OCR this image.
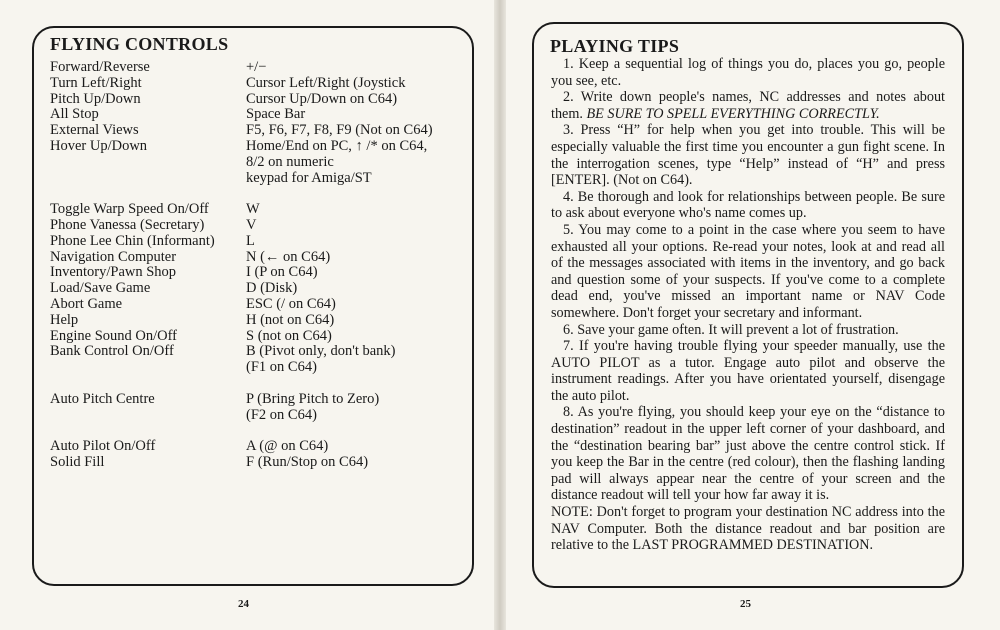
FLYING CONTROLS
Forward/Reverse	+/−
Turn Left/Right	Cursor Left/Right (Joystick
Pitch Up/Down	Cursor Up/Down on C64)
All Stop	Space Bar
External Views	F5, F6, F7, F8, F9 (Not on C64)
Hover Up/Down	Home/End on PC, ↑ /* on C64,
8/2 on numeric
keypad for Amiga/ST
Toggle Warp Speed On/Off	W
Phone Vanessa (Secretary)	V
Phone Lee Chin (Informant)	L
Navigation Computer	N (← on C64)
Inventory/Pawn Shop	I (P on C64)
Load/Save Game	D (Disk)
Abort Game	ESC (/ on C64)
Help	H (not on C64)
Engine Sound On/Off	S (not on C64)
Bank Control On/Off	B (Pivot only, don't bank)
(F1 on C64)
Auto Pitch Centre	P (Bring Pitch to Zero)
(F2 on C64)
Auto Pilot On/Off	A (@ on C64)
Solid Fill	F (Run/Stop on C64)
24
PLAYING TIPS

1. Keep a sequential log of things you do, places you go, people you see, etc.

2. Write down people's names, NC addresses and notes about them. BE SURE TO SPELL EVERYTHING CORRECTLY.

3. Press “H” for help when you get into trouble. This will be especially valuable the first time you encounter a gun fight scene. In the interrogation scenes, type “Help” instead of “H” and press [ENTER]. (Not on C64).

4. Be thorough and look for relationships between people. Be sure to ask about everyone who's name comes up.

5. You may come to a point in the case where you seem to have exhausted all your options. Re-read your notes, look at and read all of the messages associated with items in the inventory, and go back and question some of your suspects. If you've come to a complete dead end, you've missed an important name or NAV Code somewhere. Don't forget your secretary and informant.

6. Save your game often. It will prevent a lot of frustration.

7. If you're having trouble flying your speeder manually, use the AUTO PILOT as a tutor. Engage auto pilot and observe the instrument readings. After you have orientated yourself, disengage the auto pilot.

8. As you're flying, you should keep your eye on the “distance to destination” readout in the upper left corner of your dashboard, and the “destination bearing bar” just above the centre control stick. If you keep the Bar in the centre (red colour), then the flashing landing pad will always appear near the centre of your screen and the distance readout will tell your how far away it is.

NOTE: Don't forget to program your destination NC address into the NAV Computer. Both the distance readout and bar position are relative to the LAST PROGRAMMED DESTINATION.

25
